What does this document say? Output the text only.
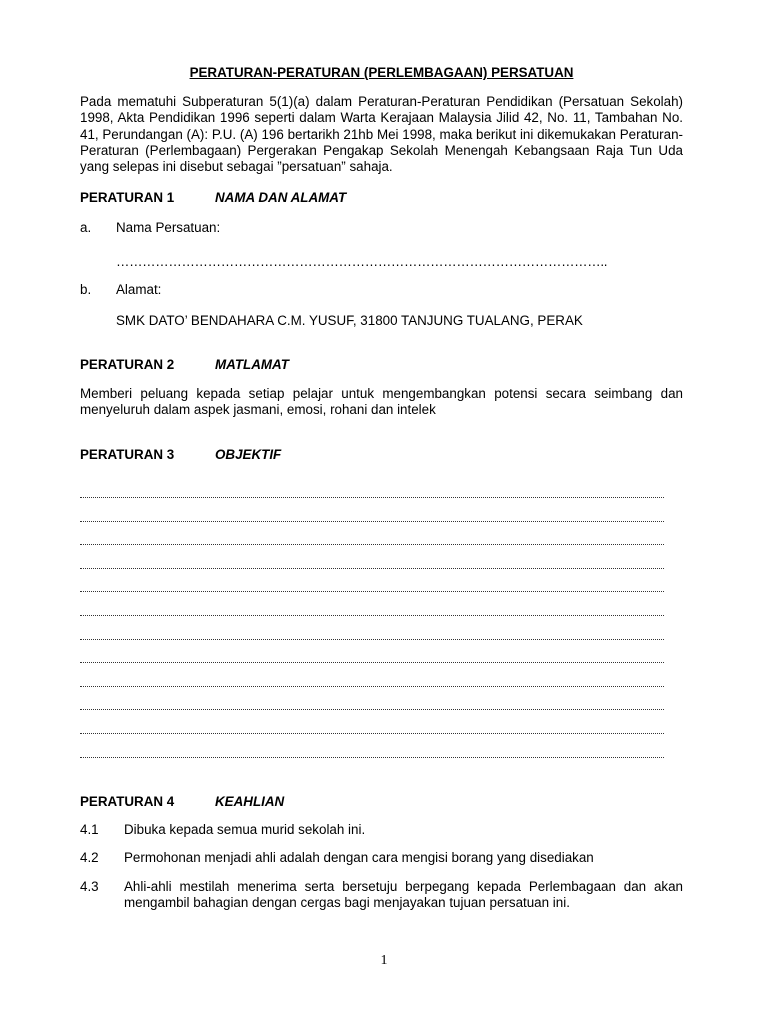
PERATURAN-PERATURAN (PERLEMBAGAAN) PERSATUAN
Pada mematuhi Subperaturan 5(1)(a) dalam Peraturan-Peraturan Pendidikan (Persatuan Sekolah) 1998, Akta Pendidikan 1996 seperti dalam Warta Kerajaan Malaysia Jilid 42, No. 11, Tambahan No. 41, Perundangan (A): P.U. (A) 196 bertarikh 21hb Mei 1998, maka berikut ini dikemukakan Peraturan-Peraturan (Perlembagaan) Pergerakan Pengakap Sekolah Menengah Kebangsaan Raja Tun Uda yang selepas ini disebut sebagai ”persatuan” sahaja.
PERATURAN 1	NAMA DAN ALAMAT
a. Nama Persatuan:
…………………………………………………………………………………………………..
b. Alamat:
SMK DATO’ BENDAHARA C.M. YUSUF, 31800 TANJUNG TUALANG, PERAK
PERATURAN 2	MATLAMAT
Memberi peluang kepada setiap pelajar untuk mengembangkan potensi secara seimbang dan menyeluruh dalam aspek jasmani, emosi, rohani dan intelek
PERATURAN 3	OBJEKTIF
PERATURAN 4	KEAHLIAN
4.1 Dibuka kepada semua murid sekolah ini.
4.2 Permohonan menjadi ahli adalah dengan cara mengisi borang yang disediakan
4.3 Ahli-ahli mestilah menerima serta bersetuju berpegang kepada Perlembagaan dan akan mengambil bahagian dengan cergas bagi menjayakan tujuan persatuan ini.
1
